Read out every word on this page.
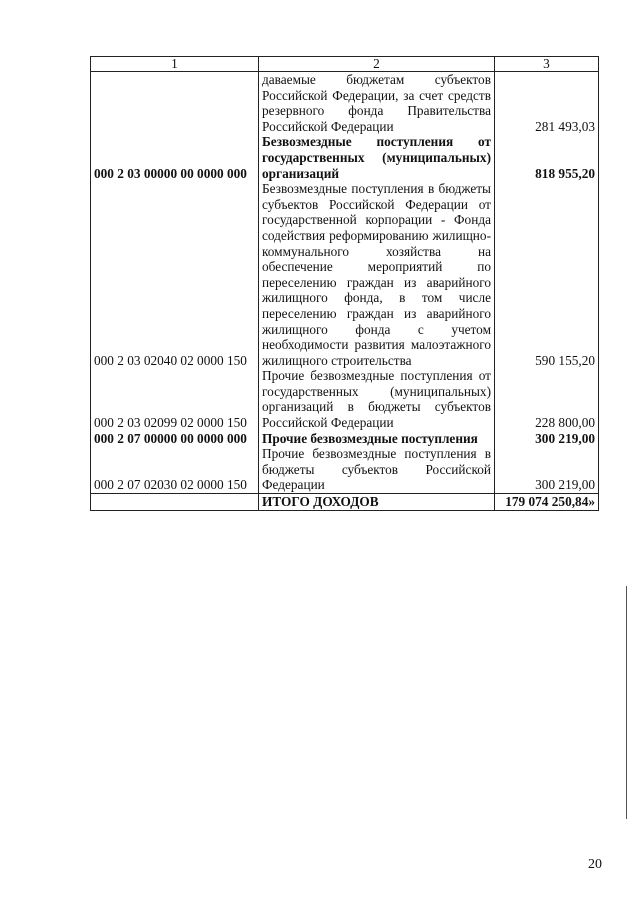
1	2	3
	даваемые бюджетам субъектов Российской Федерации, за счет средств резервного фонда Правительства Российской Федерации	281 493,03
000 2 03 00000 00 0000 000	Безвозмездные поступления от государственных (муниципальных) организаций	818 955,20
000 2 03 02040 02 0000 150	Безвозмездные поступления в бюджеты субъектов Российской Федерации от государственной корпорации - Фонда содействия реформированию жилищно-коммунального хозяйства на обеспечение мероприятий по переселению граждан из аварийного жилищного фонда, в том числе переселению граждан из аварийного жилищного фонда с учетом необходимости развития малоэтажного жилищного строительства	590 155,20
000 2 03 02099 02 0000 150	Прочие безвозмездные поступления от государственных (муниципальных) организаций в бюджеты субъектов Российской Федерации	228 800,00
000 2 07 00000 00 0000 000	Прочие безвозмездные поступления	300 219,00
000 2 07 02030 02 0000 150	Прочие безвозмездные поступления в бюджеты субъектов Российской Федерации	300 219,00
	ИТОГО ДОХОДОВ	179 074 250,84»
20
